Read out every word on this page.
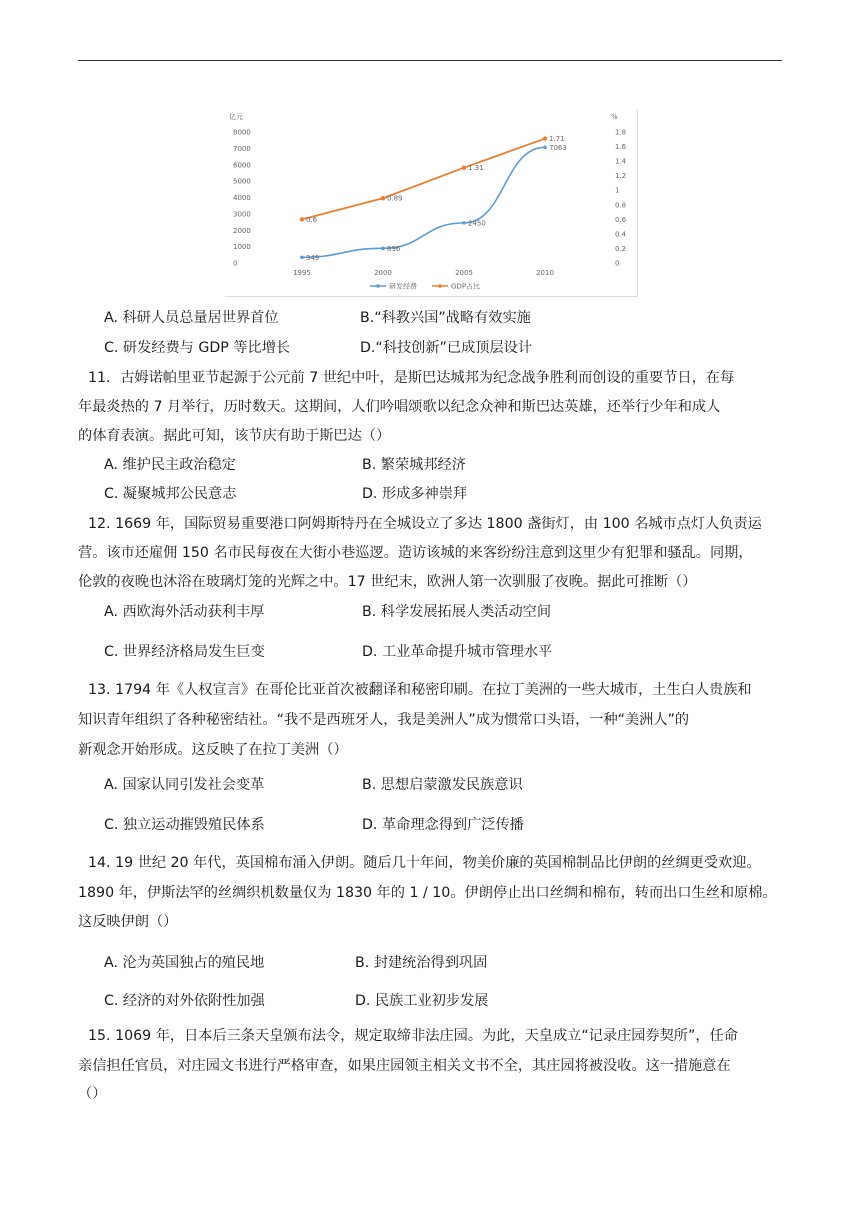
亿元	%
0
1000
2000
3000
4000
5000
6000
7000
8000
0
0.2
0.4
0.6
0.8
1
1.2
1.4
1.6
1.8
1995	2000	2005	2010
349
896
2450
7063
0.6
0.89
1.31
1.71
研发经费	GDP占比
A. 科研人员总量居世界首位	B.“科教兴国”战略有效实施
C. 研发经费与 GDP 等比增长	D.“科技创新”已成顶层设计
11．古姆诺帕里亚节起源于公元前 7 世纪中叶，是斯巴达城邦为纪念战争胜利而创设的重要节日，在每
年最炎热的 7 月举行，历时数天。这期间，人们吟唱颂歌以纪念众神和斯巴达英雄，还举行少年和成人
的体育表演。据此可知，该节庆有助于斯巴达（）
A. 维护民主政治稳定	B. 繁荣城邦经济
C. 凝聚城邦公民意志	D. 形成多神崇拜
12. 1669 年，国际贸易重要港口阿姆斯特丹在全城设立了多达 1800 盏街灯，由 100 名城市点灯人负责运
营。该市还雇佣 150 名市民每夜在大街小巷巡逻。造访该城的来客纷纷注意到这里少有犯罪和骚乱。同期，
伦敦的夜晚也沐浴在玻璃灯笼的光辉之中。17 世纪末，欧洲人第一次驯服了夜晚。据此可推断（）
A. 西欧海外活动获利丰厚	B. 科学发展拓展人类活动空间
C. 世界经济格局发生巨变	D. 工业革命提升城市管理水平
13. 1794 年《人权宣言》在哥伦比亚首次被翻译和秘密印刷。在拉丁美洲的一些大城市，土生白人贵族和
知识青年组织了各种秘密结社。“我不是西班牙人，我是美洲人”成为惯常口头语，一种“美洲人”的
新观念开始形成。这反映了在拉丁美洲（）
A. 国家认同引发社会变革	B. 思想启蒙激发民族意识
C. 独立运动摧毁殖民体系	D. 革命理念得到广泛传播
14. 19 世纪 20 年代，英国棉布涌入伊朗。随后几十年间，物美价廉的英国棉制品比伊朗的丝绸更受欢迎。
1890 年，伊斯法罕的丝绸织机数量仅为 1830 年的 1 / 10。伊朗停止出口丝绸和棉布，转而出口生丝和原棉。
这反映伊朗（）
A. 沦为英国独占的殖民地	B. 封建统治得到巩固
C. 经济的对外依附性加强	D. 民族工业初步发展
15. 1069 年，日本后三条天皇颁布法令，规定取缔非法庄园。为此，天皇成立“记录庄园券契所”，任命
亲信担任官员，对庄园文书进行严格审查，如果庄园领主相关文书不全，其庄园将被没收。这一措施意在
（）
